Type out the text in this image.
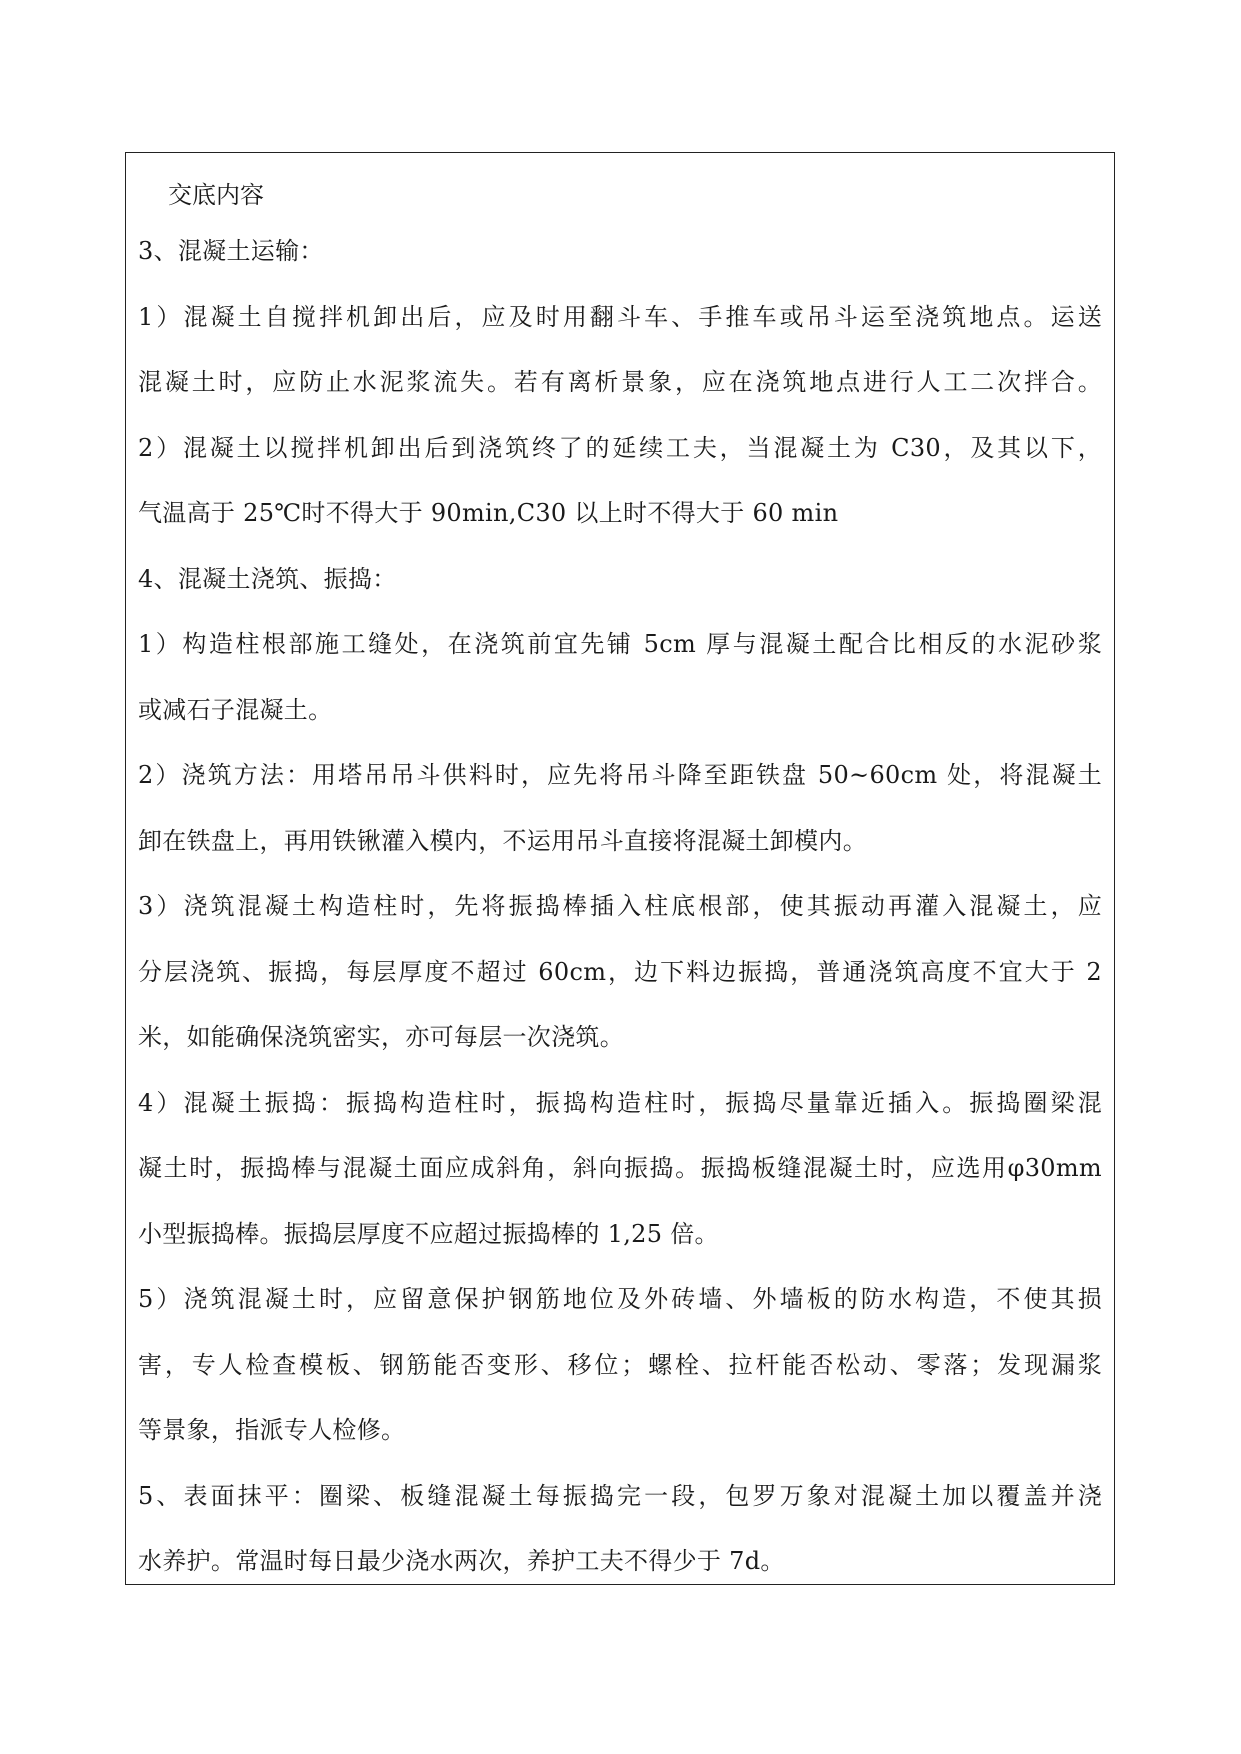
交底内容

3、混凝土运输：

1）混凝土自搅拌机卸出后，应及时用翻斗车、手推车或吊斗运至浇筑地点。运送

混凝土时，应防止水泥浆流失。若有离析景象，应在浇筑地点进行人工二次拌合。

2）混凝土以搅拌机卸出后到浇筑终了的延续工夫，当混凝土为 C30，及其以下，

气温高于 25℃时不得大于 90min,C30 以上时不得大于 60 min

4、混凝土浇筑、振捣：

1）构造柱根部施工缝处，在浇筑前宜先铺 5cm 厚与混凝土配合比相反的水泥砂浆

或减石子混凝土。

2）浇筑方法：用塔吊吊斗供料时，应先将吊斗降至距铁盘 50~60cm 处，将混凝土

卸在铁盘上，再用铁锹灌入模内，不运用吊斗直接将混凝土卸模内。

3）浇筑混凝土构造柱时，先将振捣棒插入柱底根部，使其振动再灌入混凝土，应

分层浇筑、振捣，每层厚度不超过 60cm，边下料边振捣，普通浇筑高度不宜大于 2

米，如能确保浇筑密实，亦可每层一次浇筑。

4）混凝土振捣：振捣构造柱时，振捣构造柱时，振捣尽量靠近插入。振捣圈梁混

凝土时，振捣棒与混凝土面应成斜角，斜向振捣。振捣板缝混凝土时，应选用φ30mm

小型振捣棒。振捣层厚度不应超过振捣棒的 1,25 倍。

5）浇筑混凝土时，应留意保护钢筋地位及外砖墙、外墙板的防水构造，不使其损

害，专人检查模板、钢筋能否变形、移位；螺栓、拉杆能否松动、零落；发现漏浆

等景象，指派专人检修。

5、表面抹平：圈梁、板缝混凝土每振捣完一段，包罗万象对混凝土加以覆盖并浇

水养护。常温时每日最少浇水两次，养护工夫不得少于 7d。
